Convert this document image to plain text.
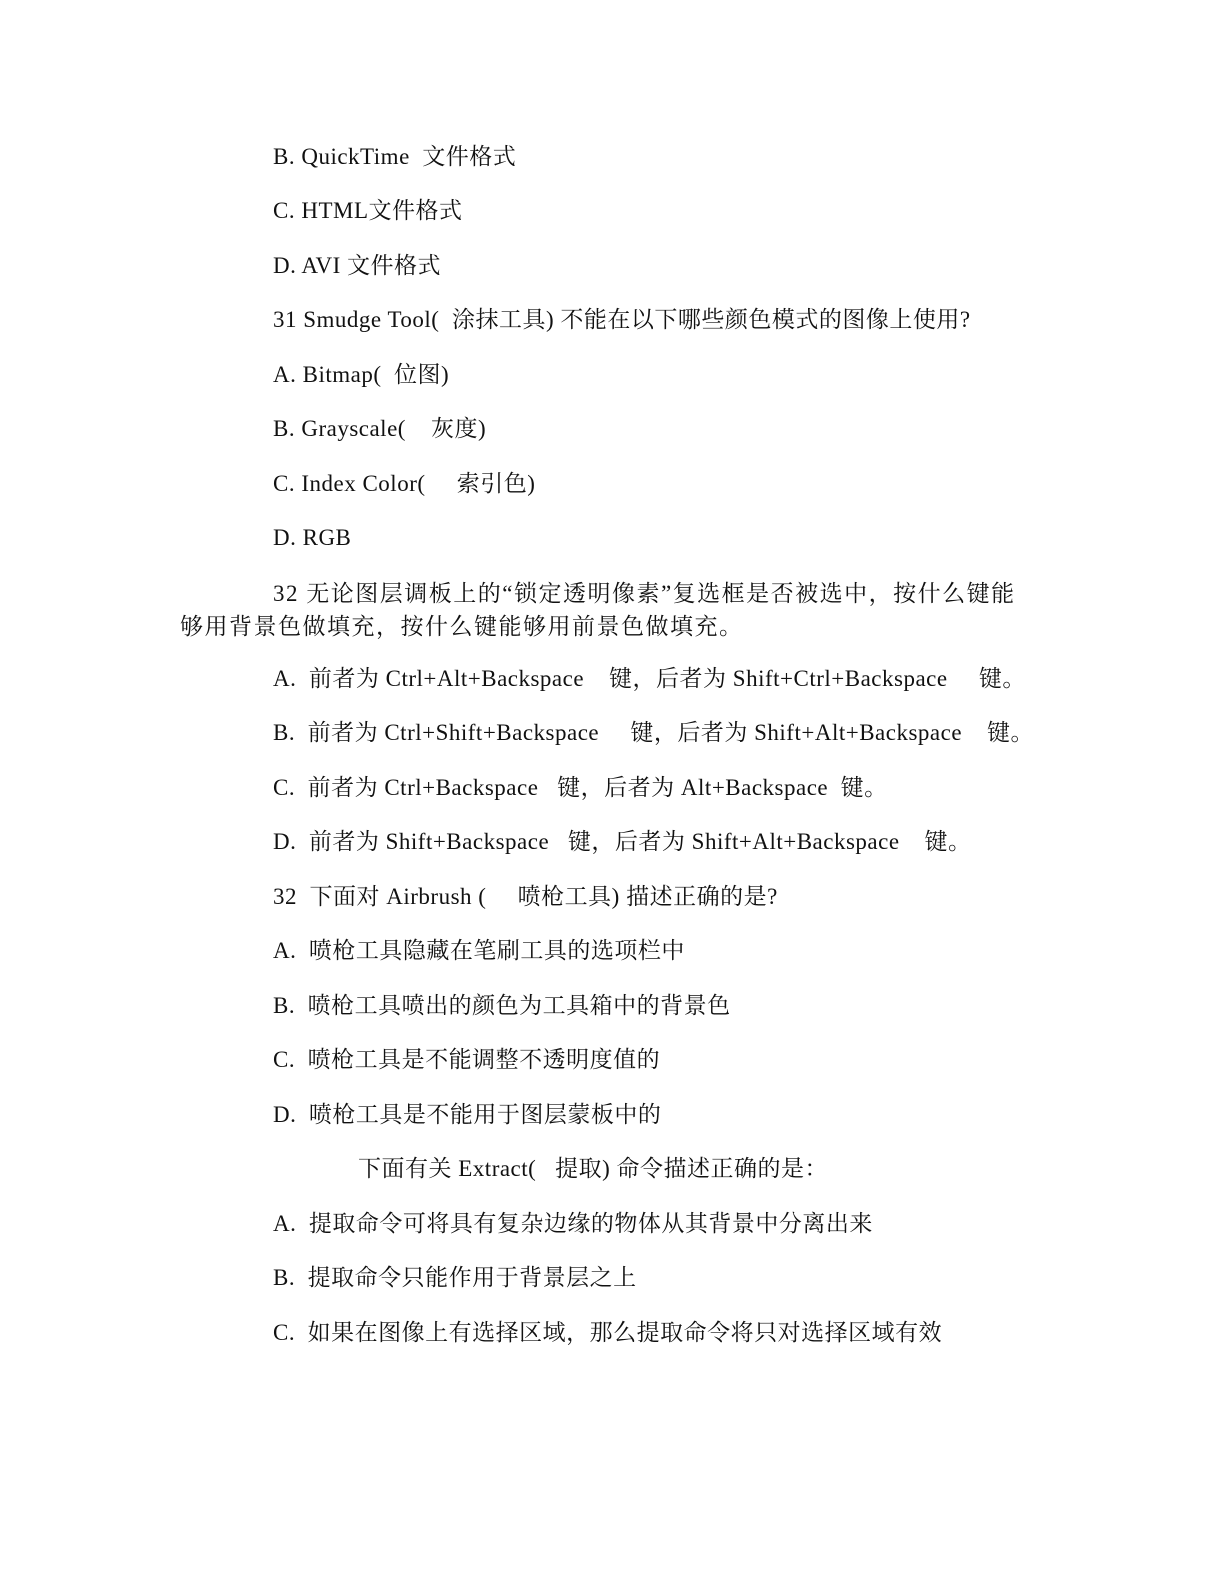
B. QuickTime  文件格式
C. HTML文件格式
D. AVI 文件格式
31 Smudge Tool(  涂抹工具) 不能在以下哪些颜色模式的图像上使用?
A. Bitmap(  位图)
B. Grayscale(    灰度)
C. Index Color(     索引色)
D. RGB
32 无论图层调板上的“锁定透明像素”复选框是否被选中，按什么键能够用背景色做填充，按什么键能够用前景色做填充。
A.  前者为 Ctrl+Alt+Backspace    键，后者为 Shift+Ctrl+Backspace     键。
B.  前者为 Ctrl+Shift+Backspace     键，后者为 Shift+Alt+Backspace    键。
C.  前者为 Ctrl+Backspace   键，后者为 Alt+Backspace  键。
D.  前者为 Shift+Backspace   键，后者为 Shift+Alt+Backspace    键。
32  下面对 Airbrush (     喷枪工具) 描述正确的是?
A.  喷枪工具隐藏在笔刷工具的选项栏中
B.  喷枪工具喷出的颜色为工具箱中的背景色
C.  喷枪工具是不能调整不透明度值的
D.  喷枪工具是不能用于图层蒙板中的
下面有关 Extract(   提取) 命令描述正确的是：
A.  提取命令可将具有复杂边缘的物体从其背景中分离出来
B.  提取命令只能作用于背景层之上
C.  如果在图像上有选择区域，那么提取命令将只对选择区域有效
